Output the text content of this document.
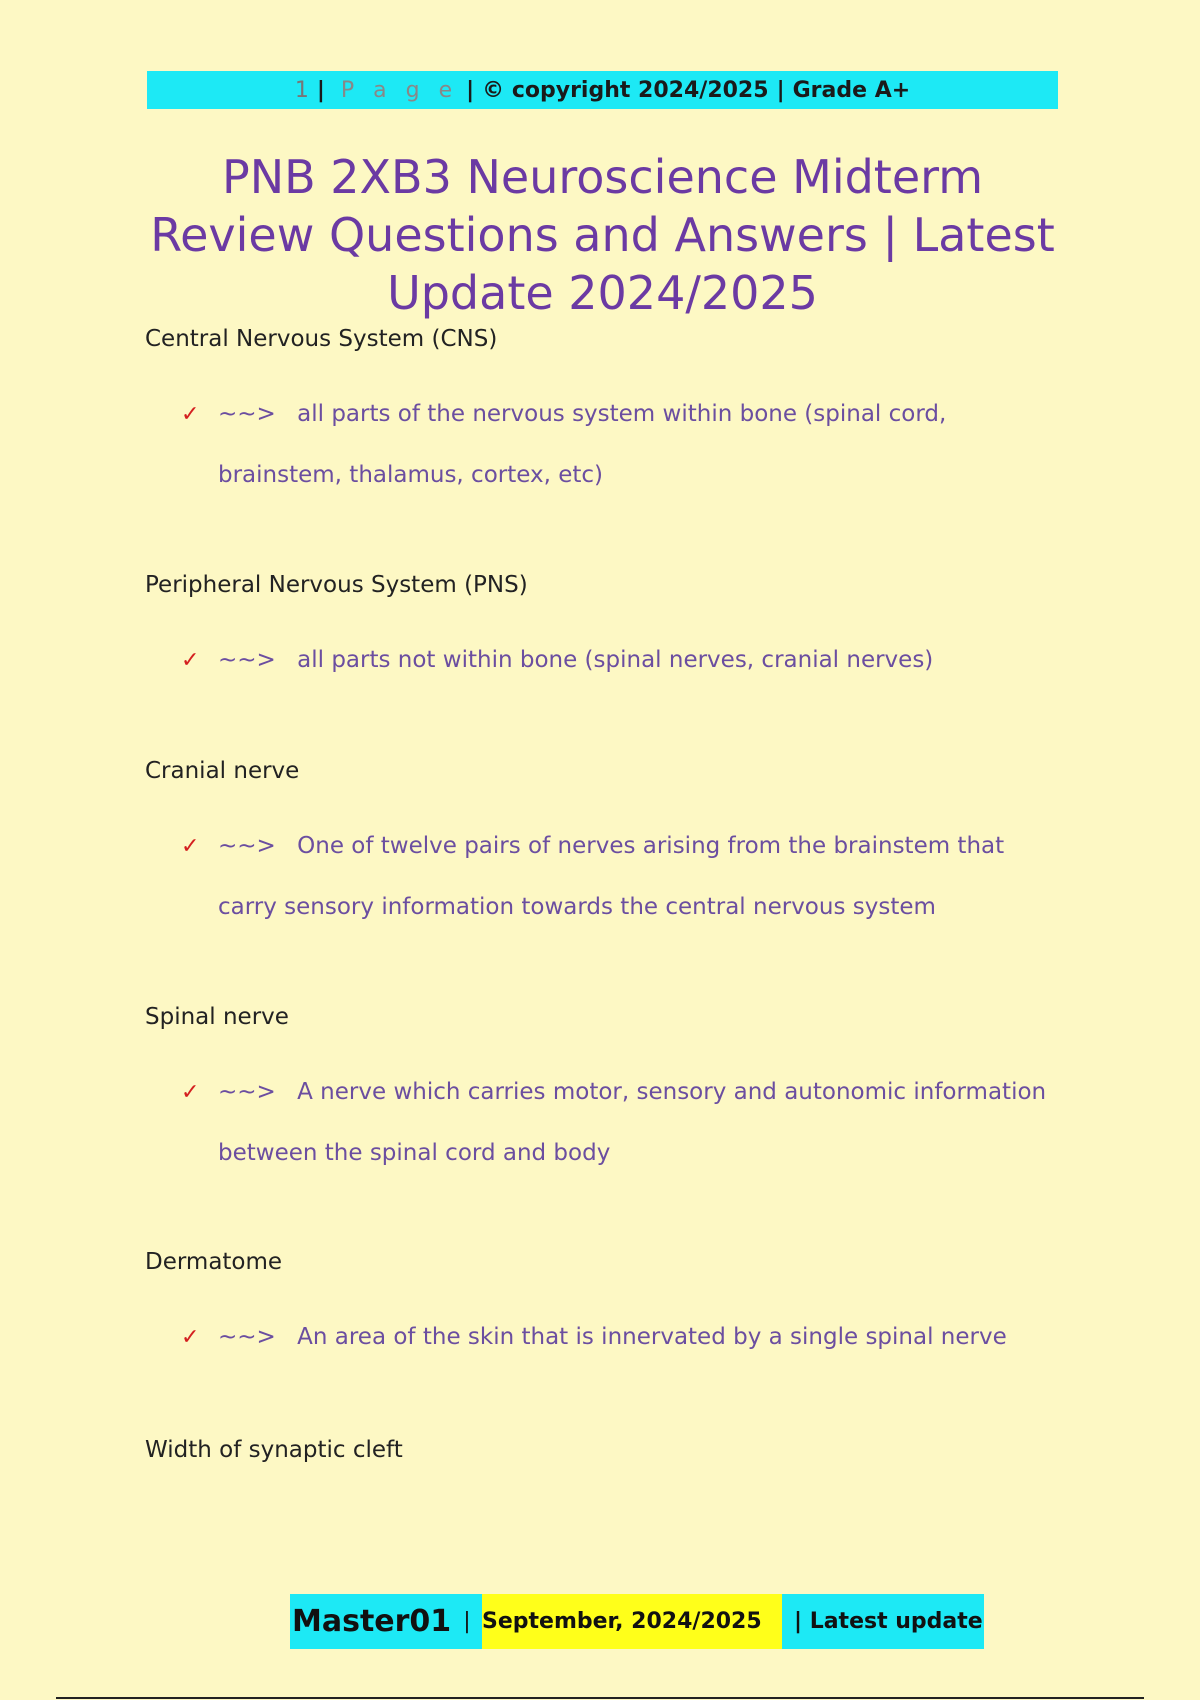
1 | P a g e | © copyright 2024/2025 | Grade A+
PNB 2XB3 Neuroscience Midterm Review Questions and Answers | Latest Update 2024/2025

Central Nervous System (CNS)

✓ ~~> all parts of the nervous system within bone (spinal cord, brainstem, thalamus, cortex, etc)

Peripheral Nervous System (PNS)

✓ ~~> all parts not within bone (spinal nerves, cranial nerves)

Cranial nerve

✓ ~~> One of twelve pairs of nerves arising from the brainstem that carry sensory information towards the central nervous system

Spinal nerve

✓ ~~> A nerve which carries motor, sensory and autonomic information between the spinal cord and body

Dermatome

✓ ~~> An area of the skin that is innervated by a single spinal nerve

Width of synaptic cleft

Master01 | September, 2024/2025 | Latest update
